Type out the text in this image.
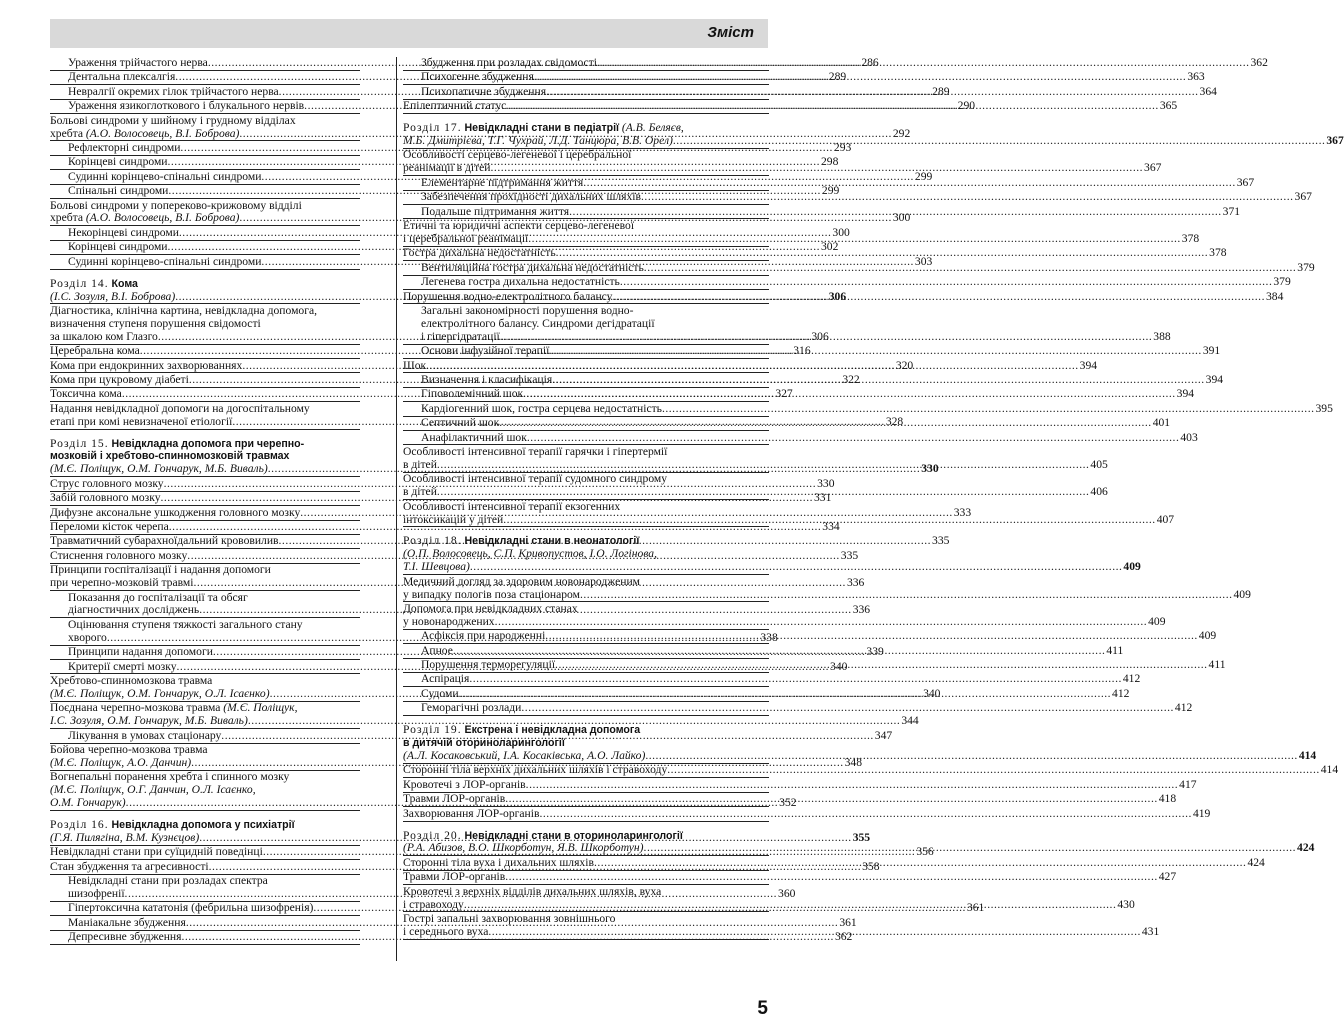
Зміст
Ураження трійчастого нерва .....	286
Дентальна плексалгія .....	289
Невралгії окремих гілок трійчастого нерва .....	289
Ураження язикоглоткового і блукального нервів .....	290
Больові синдроми у шийному і грудному відділах
хребта (А.О. Волосовець, В.І. Боброва) .....	292
Рефлекторні синдроми .....	293
Корінцеві синдроми .....	298
Судинні корінцево-спінальні синдроми .....	299
Спінальні синдроми .....	299
Больові синдроми у попереково-крижовому відділі
хребта (А.О. Волосовець, В.І. Боброва) .....	300
Некорінцеві синдроми .....	300
Корінцеві синдроми .....	302
Судинні корінцево-спінальні синдроми .....	303
Розділ 14. Кома
(І.С. Зозуля, В.І. Боброва) .....	306
Діагностика, клінічна картина, невідкладна допомога,
визначення ступеня порушення свідомості
за шкалою ком Глазго .....	306
Церебральна кома .....	316
Кома при ендокринних захворюваннях .....	320
Кома при цукровому діабеті .....	322
Токсична кома .....	327
Надання невідкладної допомоги на догоспітальному
етапі при комі невизначеної етіології .....	328
Розділ 15. Невідкладна допомога при черепно-
мозковій і хребтово-спинномозковій травмах
(М.Є. Поліщук, О.М. Гончарук, М.Б. Виваль) .....	330
Струс головного мозку .....	330
Забій головного мозку .....	331
Дифузне аксональне ушкодження головного мозку .....	333
Переломи кісток черепа .....	334
Травматичний субарахноїдальний крововилив .....	335
Стиснення головного мозку .....	335
Принципи госпіталізації і надання допомоги
при черепно-мозковій травмі .....	336
Показання до госпіталізації та обсяг
діагностичних досліджень .....	336
Оцінювання ступеня тяжкості загального стану
хворого .....	338
Принципи надання допомоги .....	339
Критерії смерті мозку .....	340
Хребтово-спинномозкова травма
(М.Є. Поліщук, О.М. Гончарук, О.Л. Ісаєнко) .....	340
Поєднана черепно-мозкова травма (М.Є. Поліщук,
І.С. Зозуля, О.М. Гончарук, М.Б. Виваль) .....	344
Лікування в умовах стаціонару .....	347
Бойова черепно-мозкова травма
(М.Є. Поліщук, А.О. Данчин) .....	348
Вогнепальні поранення хребта і спинного мозку
(М.Є. Поліщук, О.Г. Данчин, О.Л. Ісаєнко,
О.М. Гончарук) .....	352
Розділ 16. Невідкладна допомога у психіатрії
(Г.Я. Пилягіна, В.М. Кузнєцов) .....	355
Невідкладні стани при суїцидній поведінці .....	356
Стан збудження та агресивності .....	358
Невідкладні стани при розладах спектра
шизофренії .....	360
Гіпертоксична кататонія (фебрильна шизофренія) .....	361
Маніакальне збудження .....	361
Депресивне збудження .....	362
Збудження при розладах свідомості .....	362
Психогенне збудження .....	363
Психопатичне збудження .....	364
Епілептичний статус .....	365
Розділ 17. Невідкладні стани в педіатрії (А.В. Беляєв,
М.Б. Дмитрієва, Т.Г. Чухрай, Л.Д. Танцюра, В.В. Орел) .....	367
Особливості серцево-легеневої і церебральної
реанімації в дітей .....	367
Елементарне підтримання життя .....	367
Забезпечення прохідності дихальних шляхів .....	367
Подальше підтримання життя .....	371
Етичні та юридичні аспекти серцево-легеневої
і церебральної реанімації .....	378
Гостра дихальна недостатність .....	378
Вентиляційна гостра дихальна недостатність .....	379
Легенева гостра дихальна недостатність .....	379
Порушення водно-електролітного балансу .....	384
Загальні закономірності порушення водно-
електролітного балансу. Синдроми дегідратації
і гіпергідратації .....	388
Основи інфузійної терапії .....	391
Шок .....	394
Визначення і класифікація .....	394
Гіповолемічний шок .....	394
Кардіогенний шок, гостра серцева недостатність .....	395
Септичний шок .....	401
Анафілактичний шок .....	403
Особливості інтенсивної терапії гарячки і гіпертермії
в дітей .....	405
Особливості інтенсивної терапії судомного синдрому
в дітей .....	406
Особливості інтенсивної терапії екзогенних
інтоксикацій у дітей .....	407
Розділ 18. Невідкладні стани в неонатології
(О.П. Волосовець, С.П. Кривопустов, І.О. Логінова,
Т.І. Шевцова) .....	409
Медичний догляд за здоровим новонародженим
у випадку пологів поза стаціонаром .....	409
Допомога при невідкладних станах
у новонароджених .....	409
Асфіксія при народженні .....	409
Апное .....	411
Порушення терморегуляції .....	411
Аспірація .....	412
Судоми .....	412
Геморагічні розлади .....	412
Розділ 19. Екстрена і невідкладна допомога
в дитячій оториноларингології
(А.Л. Косаковський, І.А. Косаківська, А.О. Лайко) .....	414
Сторонні тіла верхніх дихальних шляхів і стравоходу .....	414
Кровотечі з ЛОР-органів .....	417
Травми ЛОР-органів .....	418
Захворювання ЛОР-органів .....	419
Розділ 20. Невідкладні стани в оториноларингології
(Р.А. Абизов, В.О. Шкорботун, Я.В. Шкорботун) .....	424
Сторонні тіла вуха і дихальних шляхів .....	424
Травми ЛОР-органів .....	427
Кровотечі з верхніх відділів дихальних шляхів, вуха
і стравоходу .....	430
Гострі запальні захворювання зовнішнього
і середнього вуха .....	431
5
